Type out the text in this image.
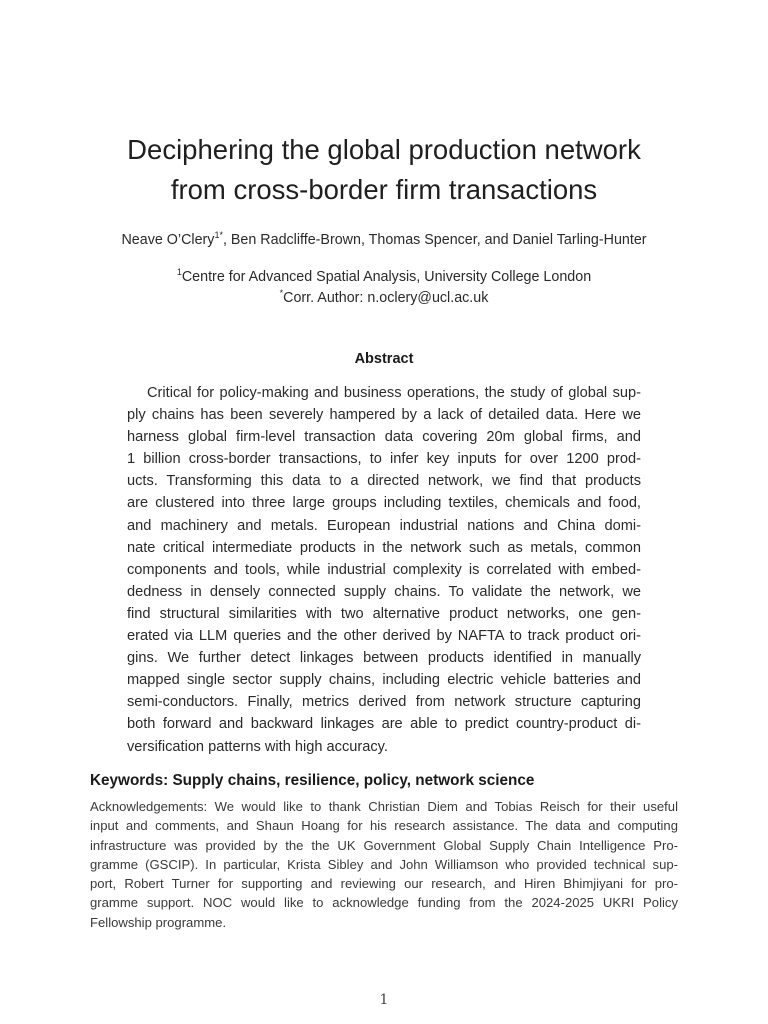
Deciphering the global production network
from cross-border firm transactions
Neave O’Clery$^{1*}$, Ben Radcliffe-Brown, Thomas Spencer, and Daniel Tarling-Hunter
$^1$Centre for Advanced Spatial Analysis, University College London
*Corr. Author: n.oclery@ucl.ac.uk
Abstract
Critical for policy-making and business operations, the study of global sup-
ply chains has been severely hampered by a lack of detailed data. Here we
harness global firm-level transaction data covering 20m global firms, and
1 billion cross-border transactions, to infer key inputs for over 1200 prod-
ucts. Transforming this data to a directed network, we find that products
are clustered into three large groups including textiles, chemicals and food,
and machinery and metals. European industrial nations and China domi-
nate critical intermediate products in the network such as metals, common
components and tools, while industrial complexity is correlated with embed-
dedness in densely connected supply chains. To validate the network, we
find structural similarities with two alternative product networks, one gen-
erated via LLM queries and the other derived by NAFTA to track product ori-
gins. We further detect linkages between products identified in manually
mapped single sector supply chains, including electric vehicle batteries and
semi-conductors. Finally, metrics derived from network structure capturing
both forward and backward linkages are able to predict country-product di-
versification patterns with high accuracy.
Keywords: Supply chains, resilience, policy, network science
Acknowledgements: We would like to thank Christian Diem and Tobias Reisch for their useful
input and comments, and Shaun Hoang for his research assistance. The data and computing
infrastructure was provided by the the UK Government Global Supply Chain Intelligence Pro-
gramme (GSCIP). In particular, Krista Sibley and John Williamson who provided technical sup-
port, Robert Turner for supporting and reviewing our research, and Hiren Bhimjiyani for pro-
gramme support. NOC would like to acknowledge funding from the 2024-2025 UKRI Policy
Fellowship programme.
1
